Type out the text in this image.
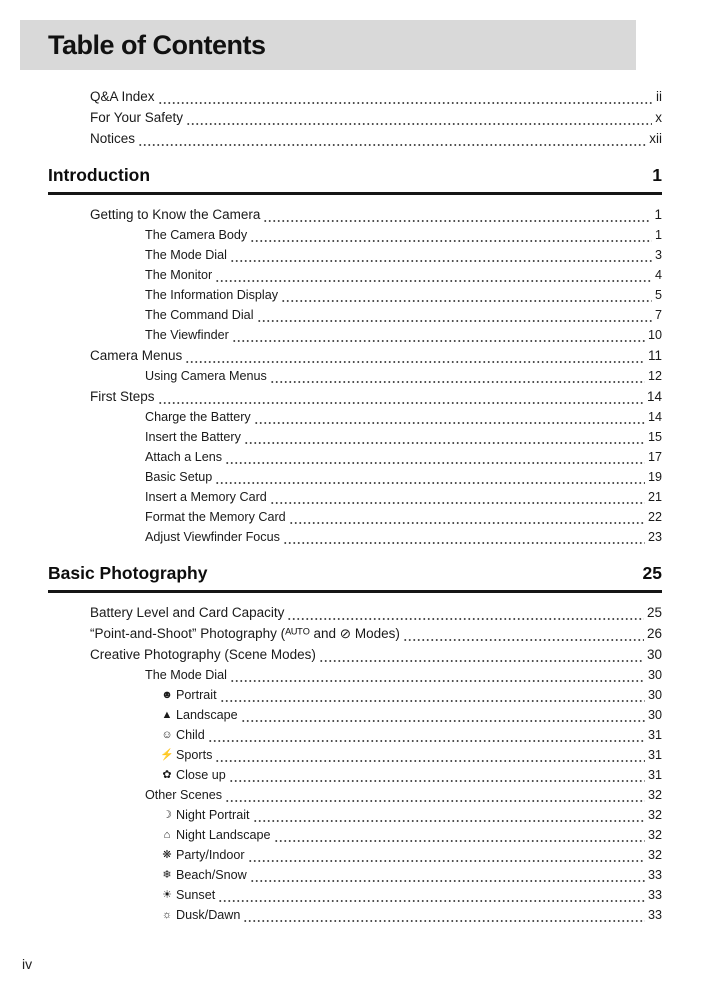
Table of Contents
Q&A Index	ii
For Your Safety	x
Notices	xii
Introduction	1
Getting to Know the Camera	1
The Camera Body	1
The Mode Dial	3
The Monitor	4
The Information Display	5
The Command Dial	7
The Viewfinder	10
Camera Menus	11
Using Camera Menus	12
First Steps	14
Charge the Battery	14
Insert the Battery	15
Attach a Lens	17
Basic Setup	19
Insert a Memory Card	21
Format the Memory Card	22
Adjust Viewfinder Focus	23
Basic Photography	25
Battery Level and Card Capacity	25
“Point-and-Shoot” Photography (ᴬᵁᵀᴼ and ⊘ Modes)	26
Creative Photography (Scene Modes)	30
The Mode Dial	30
☻ Portrait	30
▲ Landscape	30
☺ Child	31
⚡ Sports	31
✿ Close up	31
Other Scenes	32
☽ Night Portrait	32
⌂ Night Landscape	32
❋ Party/Indoor	32
❄ Beach/Snow	33
☀ Sunset	33
☼ Dusk/Dawn	33
iv
